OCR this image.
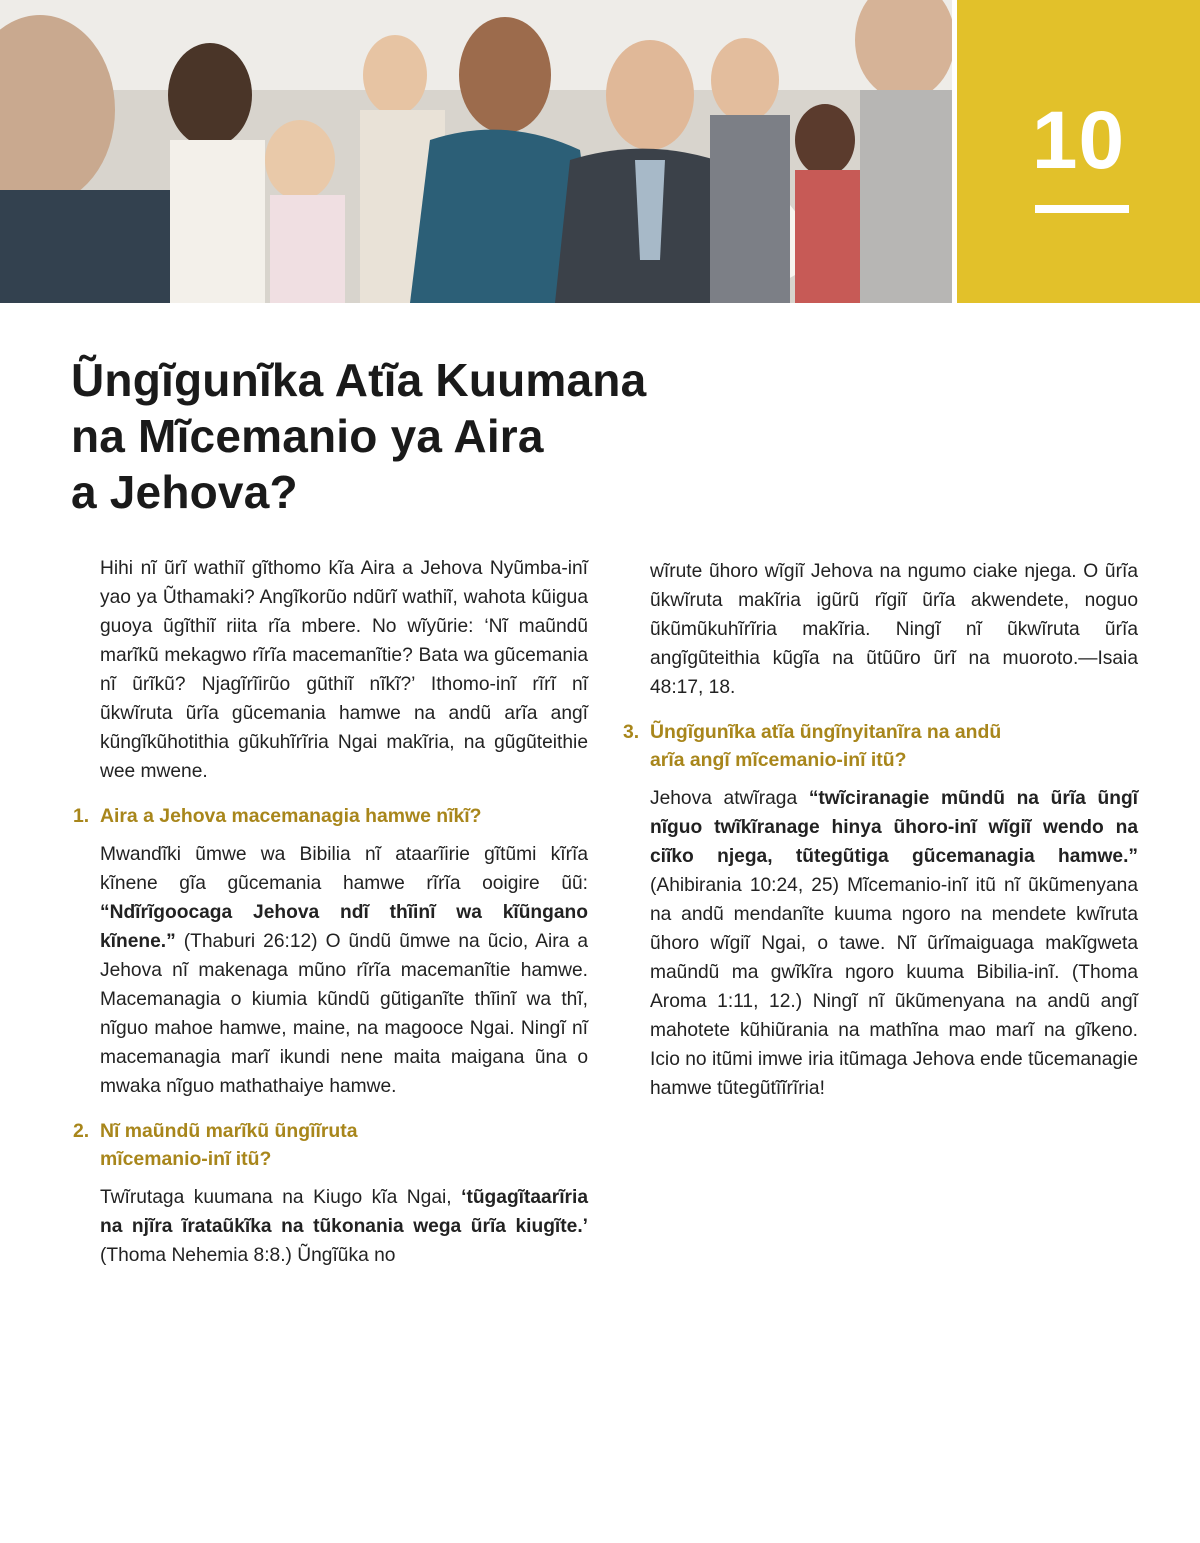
10
Ũngĩgunĩka Atĩa Kuumana
na Mĩcemanio ya Aira
a Jehova?

Hihi nĩ ũrĩ wathiĩ gĩthomo kĩa Aira a Jehova Nyũmba-inĩ yao ya Ũthamaki? Angĩkorũo ndũrĩ wathiĩ, wahota kũigua guoya ũgĩthiĩ riita rĩa mbere. No wĩyũrie: ‘Nĩ maũndũ marĩkũ mekagwo rĩrĩa macemanĩtie? Bata wa gũcemania nĩ ũrĩkũ? Njagĩrĩirũo gũthiĩ nĩkĩ?’ Ithomo-inĩ rĩrĩ nĩ ũkwĩruta ũrĩa gũcemania hamwe na andũ arĩa angĩ kũngĩkũhotithia gũkuhĩrĩria Ngai makĩria, na gũgũteithie wee mwene.

1. Aira a Jehova macemanagia hamwe nĩkĩ?

Mwandĩki ũmwe wa Bibilia nĩ ataarĩirie gĩtũmi kĩrĩa kĩnene gĩa gũcemania hamwe rĩrĩa ooigire ũũ: “Ndĩrĩgoocaga Jehova ndĩ thĩinĩ wa kĩũngano kĩnene.” (Thaburi 26:12) O ũndũ ũmwe na ũcio, Aira a Jehova nĩ makenaga mũno rĩrĩa macemanĩtie hamwe. Macemanagia o kiumia kũndũ gũtiganĩte thĩinĩ wa thĩ, nĩguo mahoe hamwe, maine, na magooce Ngai. Ningĩ nĩ macemanagia marĩ ikundi nene maita maigana ũna o mwaka nĩguo mathathaiye hamwe.

2. Nĩ maũndũ marĩkũ ũngĩĩruta
mĩcemanio-inĩ itũ?

Twĩrutaga kuumana na Kiugo kĩa Ngai, ‘tũgagĩtaarĩria na njĩra ĩrataũkĩka na tũkonania wega ũrĩa kiugĩte.’ (Thoma Nehemia 8:8.) Ũngĩũka no

wĩrute ũhoro wĩgiĩ Jehova na ngumo ciake njega. O ũrĩa ũkwĩruta makĩria igũrũ rĩgiĩ ũrĩa akwendete, noguo ũkũmũkuhĩrĩria makĩria. Ningĩ nĩ ũkwĩruta ũrĩa angĩgũteithia kũgĩa na ũtũũro ũrĩ na muoroto.—Isaia 48:17, 18.

3. Ũngĩgunĩka atĩa ũngĩnyitanĩra na andũ
arĩa angĩ mĩcemanio-inĩ itũ?

Jehova atwĩraga “twĩciranagie mũndũ na ũrĩa ũngĩ nĩguo twĩkĩranage hinya ũhoro-inĩ wĩgiĩ wendo na ciĩko njega, tũtegũtiga gũcemanagia hamwe.” (Ahibirania 10:24, 25) Mĩcemanio-inĩ itũ nĩ ũkũmenyana na andũ mendanĩte kuuma ngoro na mendete kwĩruta ũhoro wĩgiĩ Ngai, o tawe. Nĩ ũrĩmaiguaga makĩgweta maũndũ ma gwĩkĩra ngoro kuuma Bibilia-inĩ. (Thoma Aroma 1:11, 12.) Ningĩ nĩ ũkũmenyana na andũ angĩ mahotete kũhiũrania na mathĩna mao marĩ na gĩkeno. Icio no itũmi imwe iria itũmaga Jehova ende tũcemanagie hamwe tũtegũtĩĩrĩria!
